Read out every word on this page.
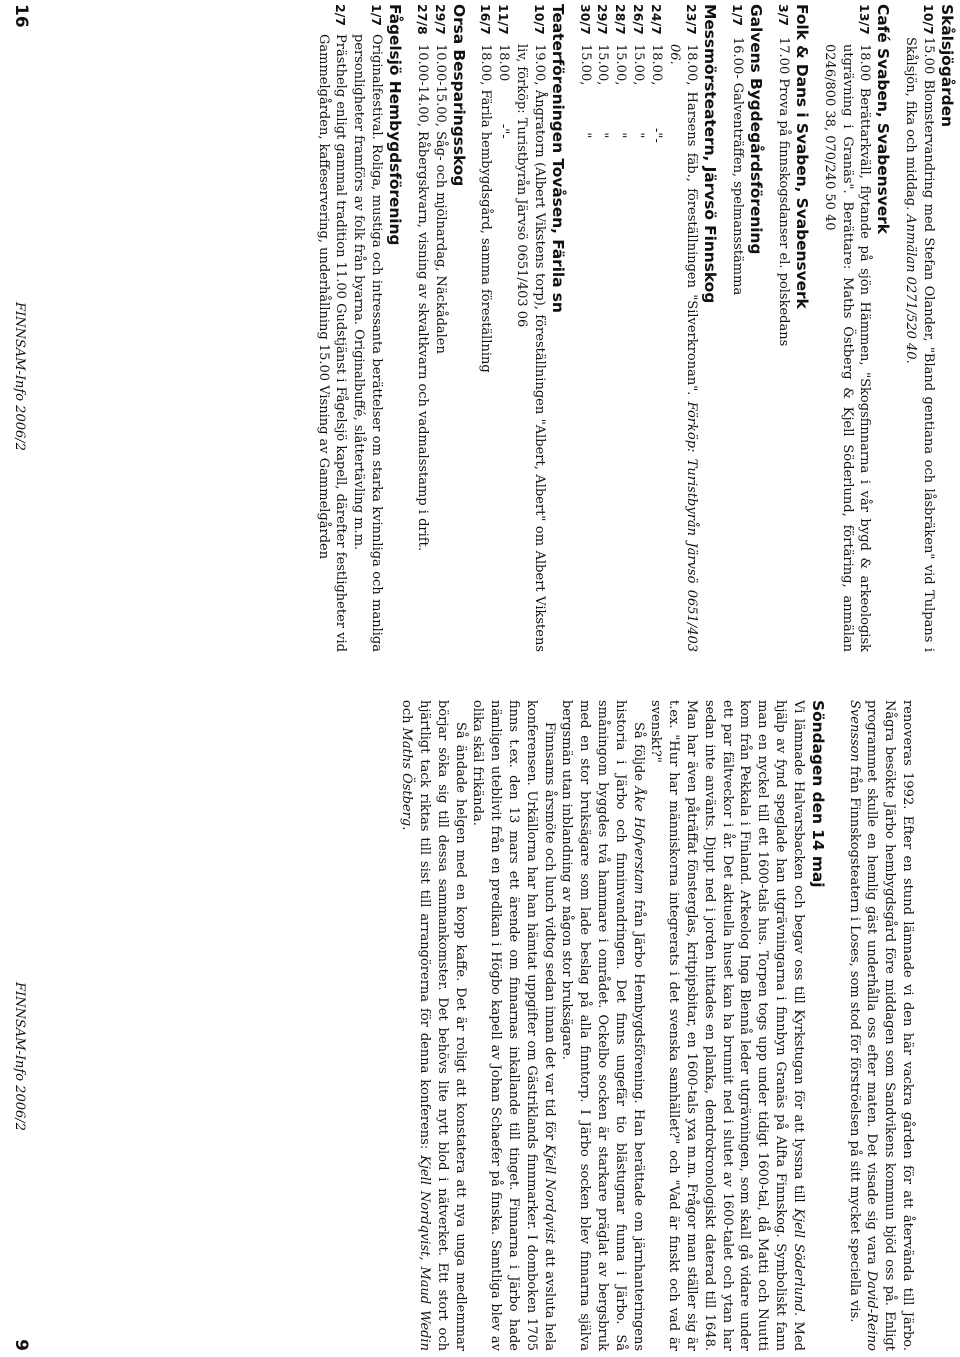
Skålsjögården
10/7
15.00 Blomstervandring med Stefan Olander, "Bland gentiana och låsbräken" vid Tulpans i Skålsjön, fika och middag. Anmälan 0271/520 40.
Café Svaben, Svabensverk
13/7
18.00 Berättarkväll, flytande på sjön Hämmen, "Skogsfinnarna i vår bygd & arkeologisk utgrävning i Granäs". Berättare: Maths Östberg & Kjell Söderlund, förtäring, anmälan 0246/800 38, 070/240 50 40
Folk & Dans i Svaben, Svabensverk
3/7
17.00 Prova på finnskogsdanser el. polskedans
Galvens Bygdegårdsförening
1/7
16.00- Galventräffen, spelmansstämma
Messmörsteatern, Järvsö Finnskog
23/7
18.00, Harsens fäb., föreställningen "Silverkronan". Förköp: Turistbyrån Järvsö 0651/403 06.
24/7
18.00,-"-
26/7
15.00,"
28/7
15.00,"
29/7
15.00,"
30/7
15.00,"
Teaterföreningen Tovåsen, Färila sn
10/7
19.00, Ångratorn (Albert Vikstens torp), föreställningen "Albert, Albert" om Albert Vikstens liv, förköp: Turistbyrån Järvsö 0651/403 06
11/7
18.00-"-
16/7
18.00, Färila hembygdsgård, samma föreställning
Orsa Besparingsskog
29/7
10.00-15.00, Såg- och mjölnardag, Näckådalen
27/8
10.00-14.00, Råbergskvarn, visning av skvaltkvarn och vadmalsstamp i drift.
Fågelsjö Hembygdsförening
1/7
Originalfestival. Roliga, mustiga och intressanta berättelser om starka kvinnliga och manliga personligheter framförs av folk från byarna. Originalbuffé, slåttertävling m.m.
2/7
Prästhelg enligt gammal tradition 11.00 Gudstjänst i Fågelsjö kapell, därefter festligheter vid Gammelgården, kaffeservering, underhållning 15.00 Visning av Gammelgården
16
FINNSAM-Info 2006/2

renoveras 1992. Efter en stund lämnade vi den här vackra gården för att återvända till Järbo. Några besökte Järbo hembygdsgård före middagen som Sandvikens kommun bjöd oss på. Enligt programmet skulle en hemlig gäst underhålla oss efter maten. Det visade sig vara David-Reino Svensson från Finnskogsteatern i Loses, som stod för förströelsen på sitt mycket speciella vis.

Söndagen den 14 maj

Vi lämnade Halvarsbacken och begav oss till Kyrkstugan för att lyssna till Kjell Söderlund. Med hjälp av fynd speglade han utgrävningarna i finnbyn Granäs på Alfta Finnskog. Symboliskt fann man en nyckel till ett 1600-tals hus. Torpen togs upp under tidigt 1600-tal, då Matti och Nuutti kom från Pekkala i Finland. Arkeolog Inga Blennå leder utgrävningen, som skall gå vidare under ett par fältveckor i år. Det aktuella huset kan ha brunnit ned i slutet av 1600-talet och ytan har sedan inte använts. Djupt ned i jorden hittades en planka, dendrokronologiskt daterad till 1648. Man har även påträffat fönsterglas, kritpipsbitar, en 1600-tals yxa m.m. Frågor man ställer sig är t.ex. "Hur har människorna integrerats i det svenska samhället?" och "Vad är finskt och vad är svenskt?"

Så följde Åke Hofverstam från Järbo Hembygdsförening. Han berättade om järnhanteringens historia i Järbo och finninvandringen. Det finns ungefär tio blästugnar funna i Järbo. Så småningom byggdes två hammare i området. Ockelbo socken är starkare präglat av bergsbruk med en stor bruksägare som lade beslag på alla finntorp. I Järbo socken blev finnarna själva bergsmän utan inblandning av någon stor bruksägare.

Finnsams årsmöte och lunch vidtog sedan innan det var tid för Kjell Nordqvist att avsluta hela konferensen. Urkällorna har han hämtat uppgifter om Gästriklands finnmarker. I domboken 1705 finns t.ex. den 13 mars ett ärende om finnarnas inkallande till tinget. Finnarna i Järbo hade nämligen uteblivit från en predikan i Högbo kapell av Johan Schaefer på finska. Samtliga blev av olika skäl frikända.

Så ändade helgen med en kopp kaffe. Det är roligt att konstatera att nya unga medlemmar börjar söka sig till dessa sammankomster. Det behövs lite nytt blod i nätverket. Ett stort och hjärtligt tack riktas till sist till arrangörerna för denna konferens: Kjell Nordqvist, Maud Wedin och Maths Östberg.

FINNSAM-Info 2006/2
9
